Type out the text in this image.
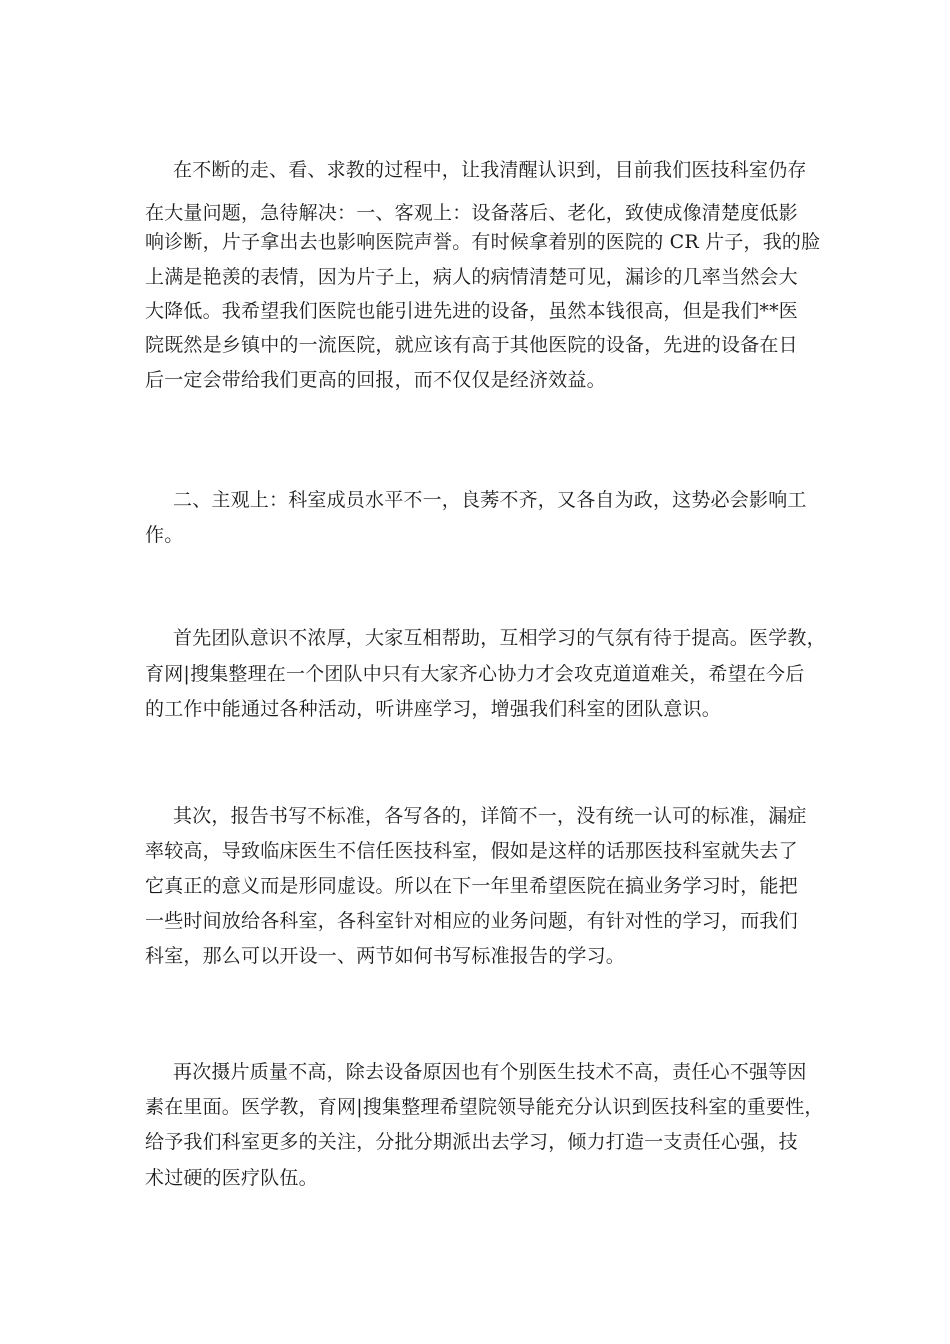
在不断的走、看、求教的过程中，让我清醒认识到，目前我们医技科室仍存
在大量问题，急待解决：一、客观上：设备落后、老化，致使成像清楚度低影
响诊断，片子拿出去也影响医院声誉。有时候拿着别的医院的 CR 片子，我的脸
上满是艳羡的表情，因为片子上，病人的病情清楚可见，漏诊的几率当然会大
大降低。我希望我们医院也能引进先进的设备，虽然本钱很高，但是我们**医
院既然是乡镇中的一流医院，就应该有高于其他医院的设备，先进的设备在日
后一定会带给我们更高的回报，而不仅仅是经济效益。
二、主观上：科室成员水平不一，良莠不齐，又各自为政，这势必会影响工
作。
首先团队意识不浓厚，大家互相帮助，互相学习的气氛有待于提高。医学教，
育网|搜集整理在一个团队中只有大家齐心协力才会攻克道道难关，希望在今后
的工作中能通过各种活动，听讲座学习，增强我们科室的团队意识。
其次，报告书写不标准，各写各的，详简不一，没有统一认可的标准，漏症
率较高，导致临床医生不信任医技科室，假如是这样的话那医技科室就失去了
它真正的意义而是形同虚设。所以在下一年里希望医院在搞业务学习时，能把
一些时间放给各科室，各科室针对相应的业务问题，有针对性的学习，而我们
科室，那么可以开设一、两节如何书写标准报告的学习。
再次摄片质量不高，除去设备原因也有个别医生技术不高，责任心不强等因
素在里面。医学教，育网|搜集整理希望院领导能充分认识到医技科室的重要性，
给予我们科室更多的关注，分批分期派出去学习，倾力打造一支责任心强，技
术过硬的医疗队伍。
